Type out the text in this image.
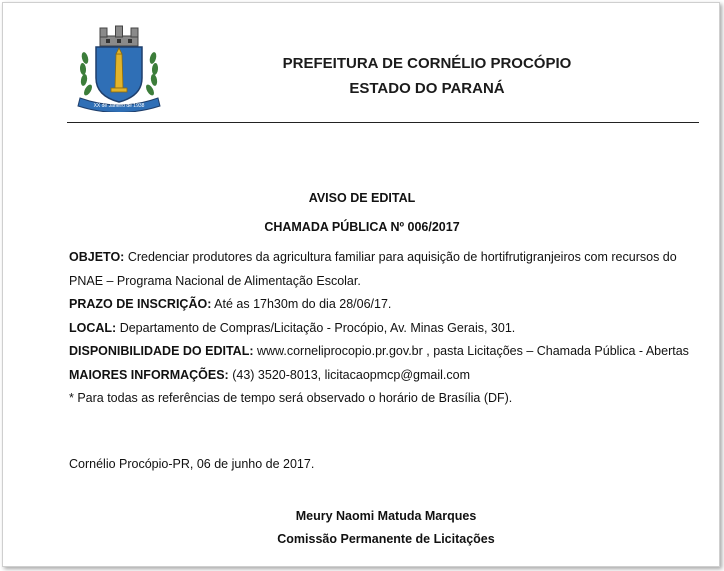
XX de Janeiro de 1938
PREFEITURA DE CORNÉLIO PROCÓPIO
ESTADO DO PARANÁ
AVISO DE EDITAL
CHAMADA PÚBLICA Nº 006/2017

OBJETO: Credenciar produtores da agricultura familiar para aquisição de hortifrutigranjeiros com recursos do PNAE – Programa Nacional de Alimentação Escolar.

PRAZO DE INSCRIÇÃO: Até as 17h30m do dia 28/06/17.

LOCAL: Departamento de Compras/Licitação - Procópio, Av. Minas Gerais, 301.

DISPONIBILIDADE DO EDITAL: www.corneliprocopio.pr.gov.br , pasta Licitações – Chamada Pública - Abertas

MAIORES INFORMAÇÕES: (43) 3520-8013, licitacaopmcp@gmail.com

* Para todas as referências de tempo será observado o horário de Brasília (DF).

Cornélio Procópio-PR, 06 de junho de 2017.
Meury Naomi Matuda Marques
Comissão Permanente de Licitações
